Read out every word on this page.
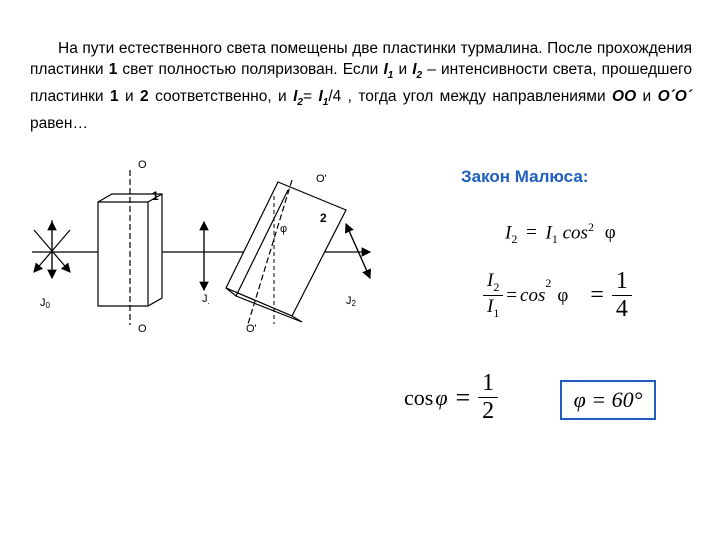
На пути естественного света помещены две пластинки турмалина. После прохождения пластинки 1 свет полностью поляризован. Если $I_1$ и $I_2$ – интенсивности света, прошедшего пластинки 1 и 2 соответственно, и $I_2= I_1/4$ , тогда угол между направлениями OO и O´O´ равен…
J0
O
O
1
J.
O'
O'
2
φ
J2
Закон Малюса:
$I_2 = I_1$ $\cos^2 \varphi$
$\frac{I_2}{I_1} = \cos$
$^2$
$\varphi = \frac{1}{4}$
$\cos \varphi = \frac{1}{2}$	φ = 60°
